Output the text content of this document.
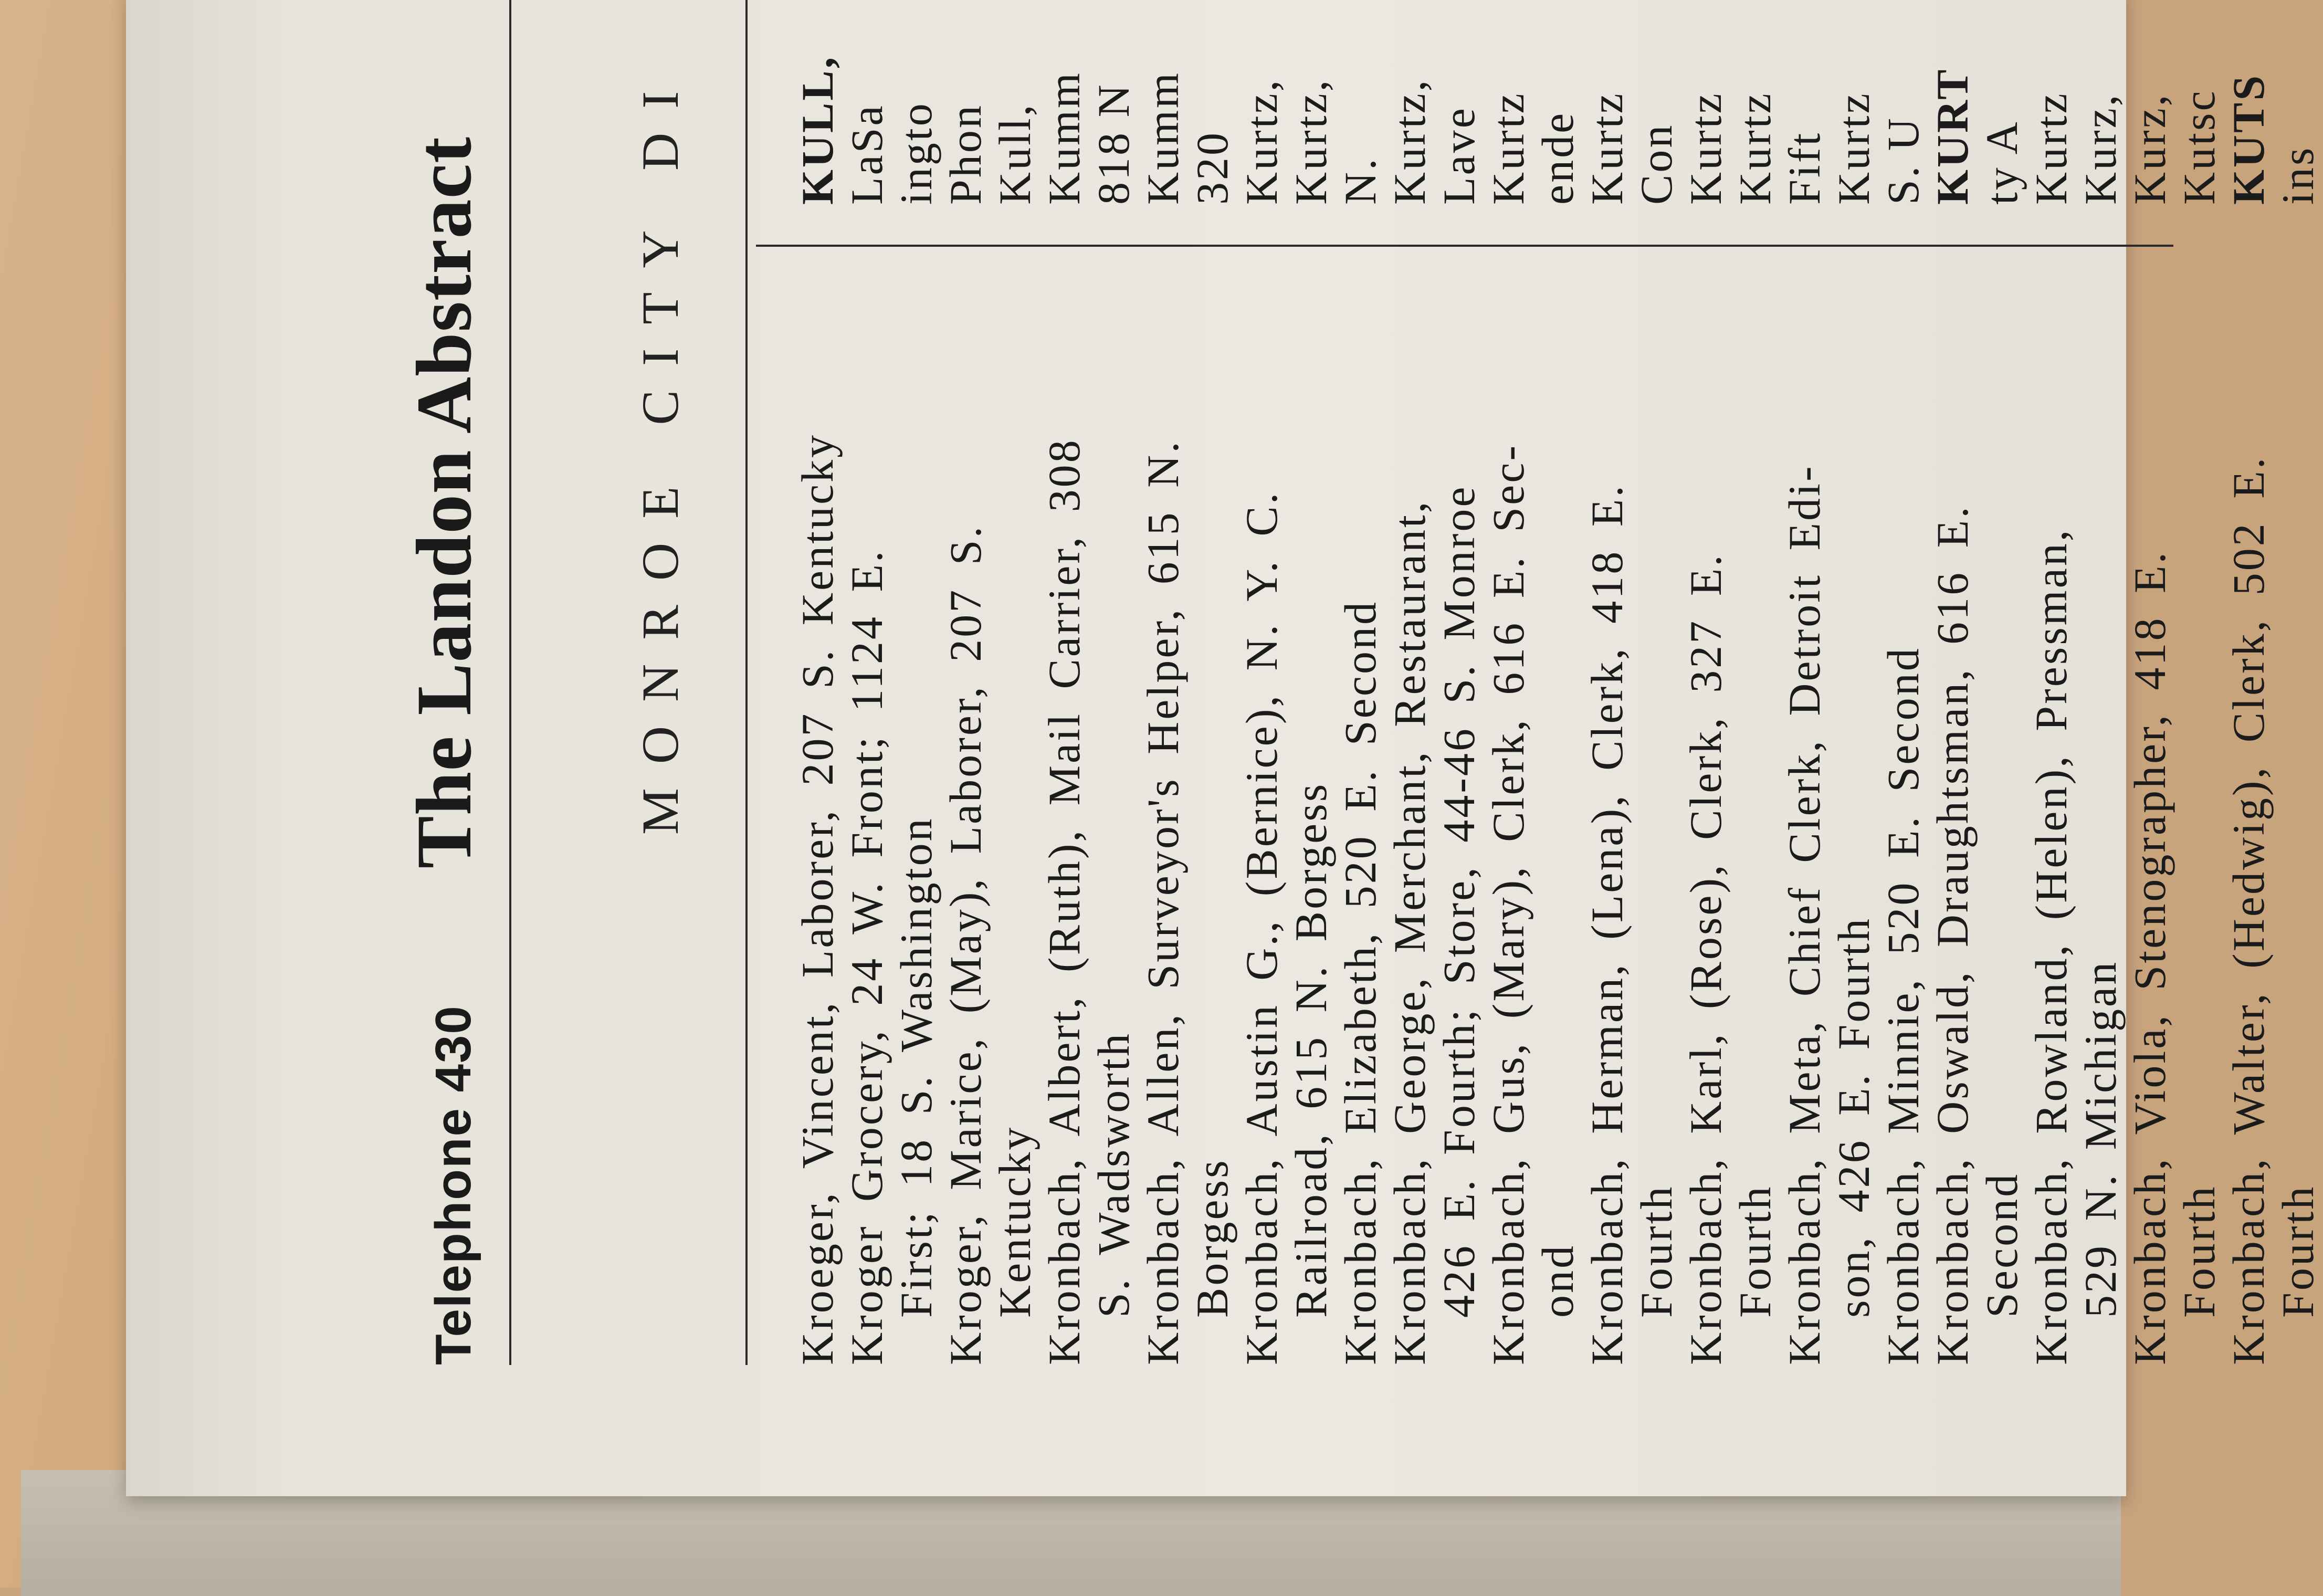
Telephone 430
The Landon Abstract	MONROE CITY DI Kroeger, Vincent, Laborer, 207 S. Kentucky
Kroger Grocery, 24 W. Front; 1124 E.
First; 18 S. Washington
Kroger, Marice, (May), Laborer, 207 S.
Kentucky
Kronbach, Albert, (Ruth), Mail Carrier, 308
S. Wadsworth
Kronbach, Allen, Surveyor's Helper, 615 N.
Borgess
Kronbach, Austin G., (Bernice), N. Y. C.
Railroad, 615 N. Borgess
Kronbach, Elizabeth, 520 E. Second
Kronbach, George, Merchant, Restaurant,
426 E. Fourth; Store, 44-46 S. Monroe
Kronbach, Gus, (Mary), Clerk, 616 E. Sec-
ond
Kronbach, Herman, (Lena), Clerk, 418 E.
Fourth
Kronbach, Karl, (Rose), Clerk, 327 E.
Fourth
Kronbach, Meta, Chief Clerk, Detroit Edi-
son, 426 E. Fourth
Kronbach, Minnie, 520 E. Second
Kronbach, Oswald, Draughtsman, 616 E.
Second
Kronbach, Rowland, (Helen), Pressman,
529 N. Michigan
Kronbach, Viola, Stenographer, 418 E.
Fourth
Kronbach, Walter, (Hedwig), Clerk, 502 E.
Fourth
KULL,
LaSa
ingto
Phon
Kull,
Kumm
818 N
Kumm
320
Kurtz,
Kurtz,
N.
Kurtz,
Lave
Kurtz
ende
Kurtz
Con
Kurtz
Kurtz
Fift
Kurtz
S. U
KURT
ty A
Kurtz
Kurz,
Kurz,
Kutsc
KUTS
ins
